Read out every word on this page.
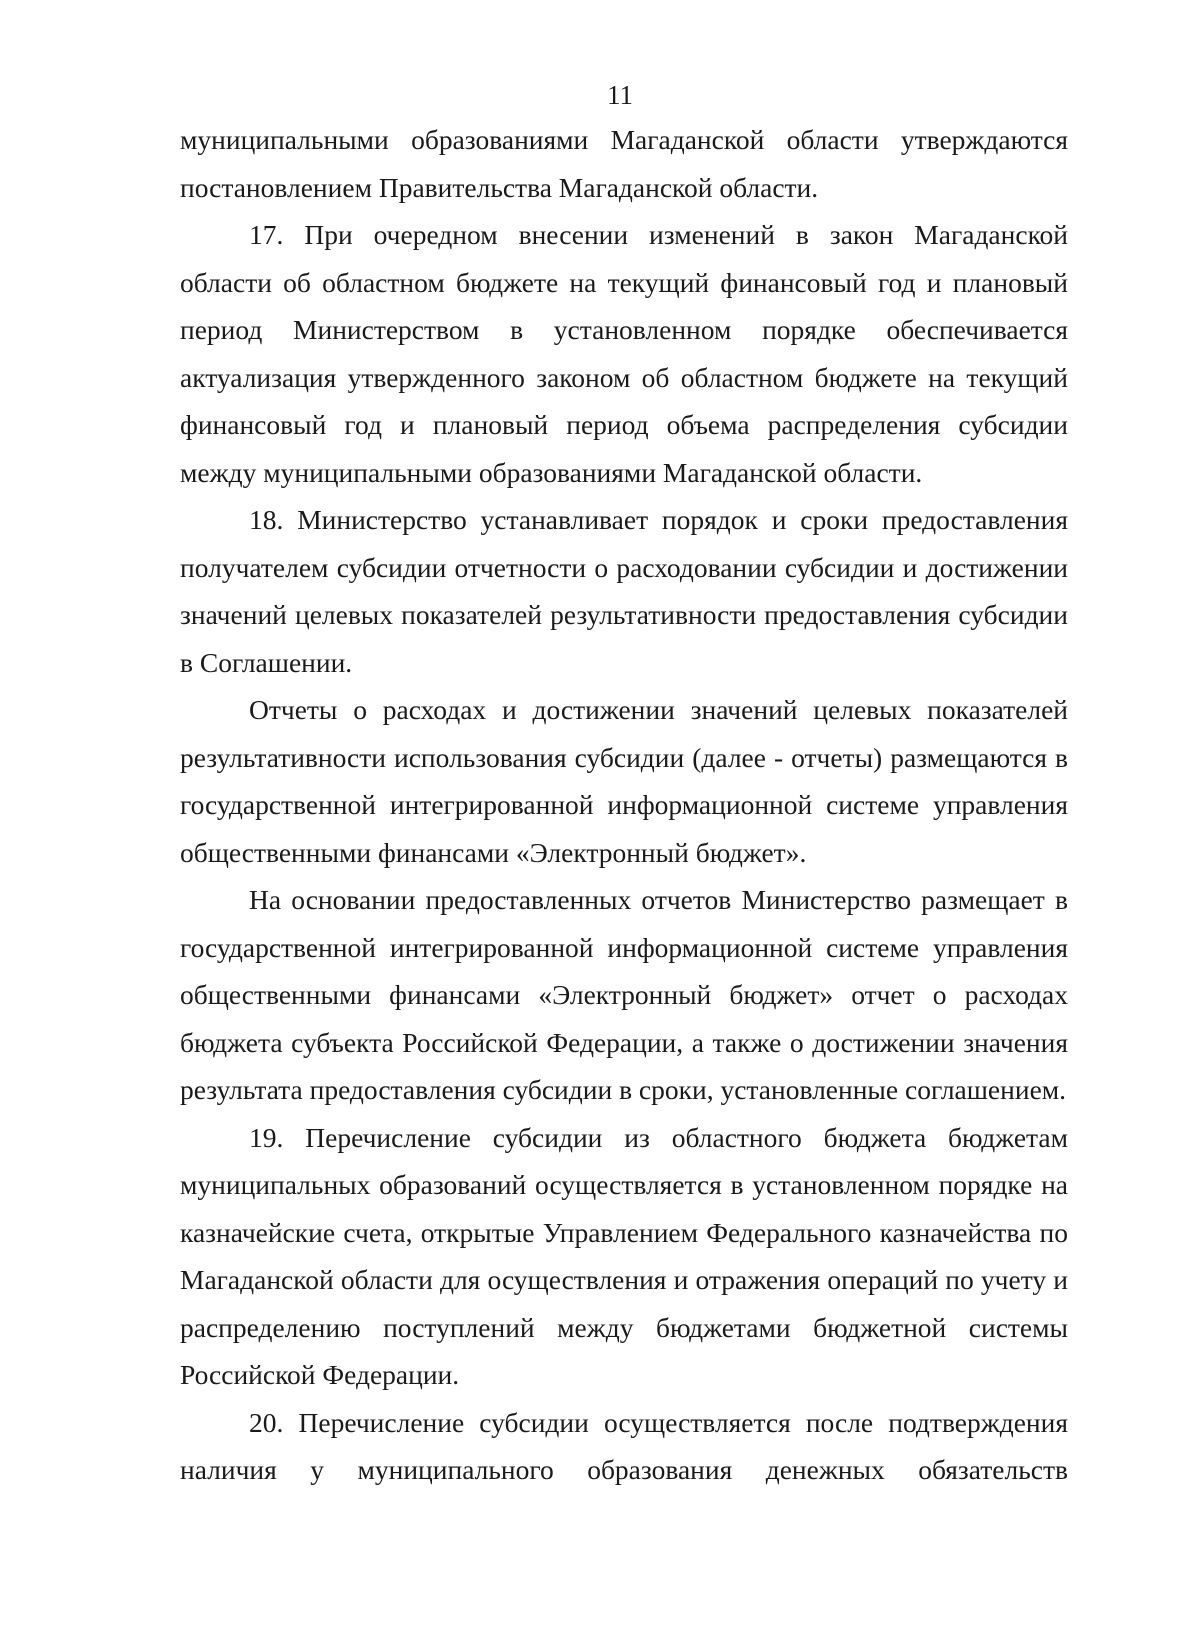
11

муниципальными образованиями Магаданской области утверждаются постановлением Правительства Магаданской области.

17. При очередном внесении изменений в закон Магаданской области об областном бюджете на текущий финансовый год и плановый период Министерством в установленном порядке обеспечивается актуализация утвержденного законом об областном бюджете на текущий финансовый год и плановый период объема распределения субсидии между муниципальными образованиями Магаданской области.

18. Министерство устанавливает порядок и сроки предоставления получателем субсидии отчетности о расходовании субсидии и достижении значений целевых показателей результативности предоставления субсидии в Соглашении.

Отчеты о расходах и достижении значений целевых показателей результативности использования субсидии (далее - отчеты) размещаются в государственной интегрированной информационной системе управления общественными финансами «Электронный бюджет».

На основании предоставленных отчетов Министерство размещает в государственной интегрированной информационной системе управления общественными финансами «Электронный бюджет» отчет о расходах бюджета субъекта Российской Федерации, а также о достижении значения результата предоставления субсидии в сроки, установленные соглашением.

19. Перечисление субсидии из областного бюджета бюджетам муниципальных образований осуществляется в установленном порядке на казначейские счета, открытые Управлением Федерального казначейства по Магаданской области для осуществления и отражения операций по учету и распределению поступлений между бюджетами бюджетной системы Российской Федерации.

20. Перечисление субсидии осуществляется после подтверждения наличия у муниципального образования денежных обязательств
